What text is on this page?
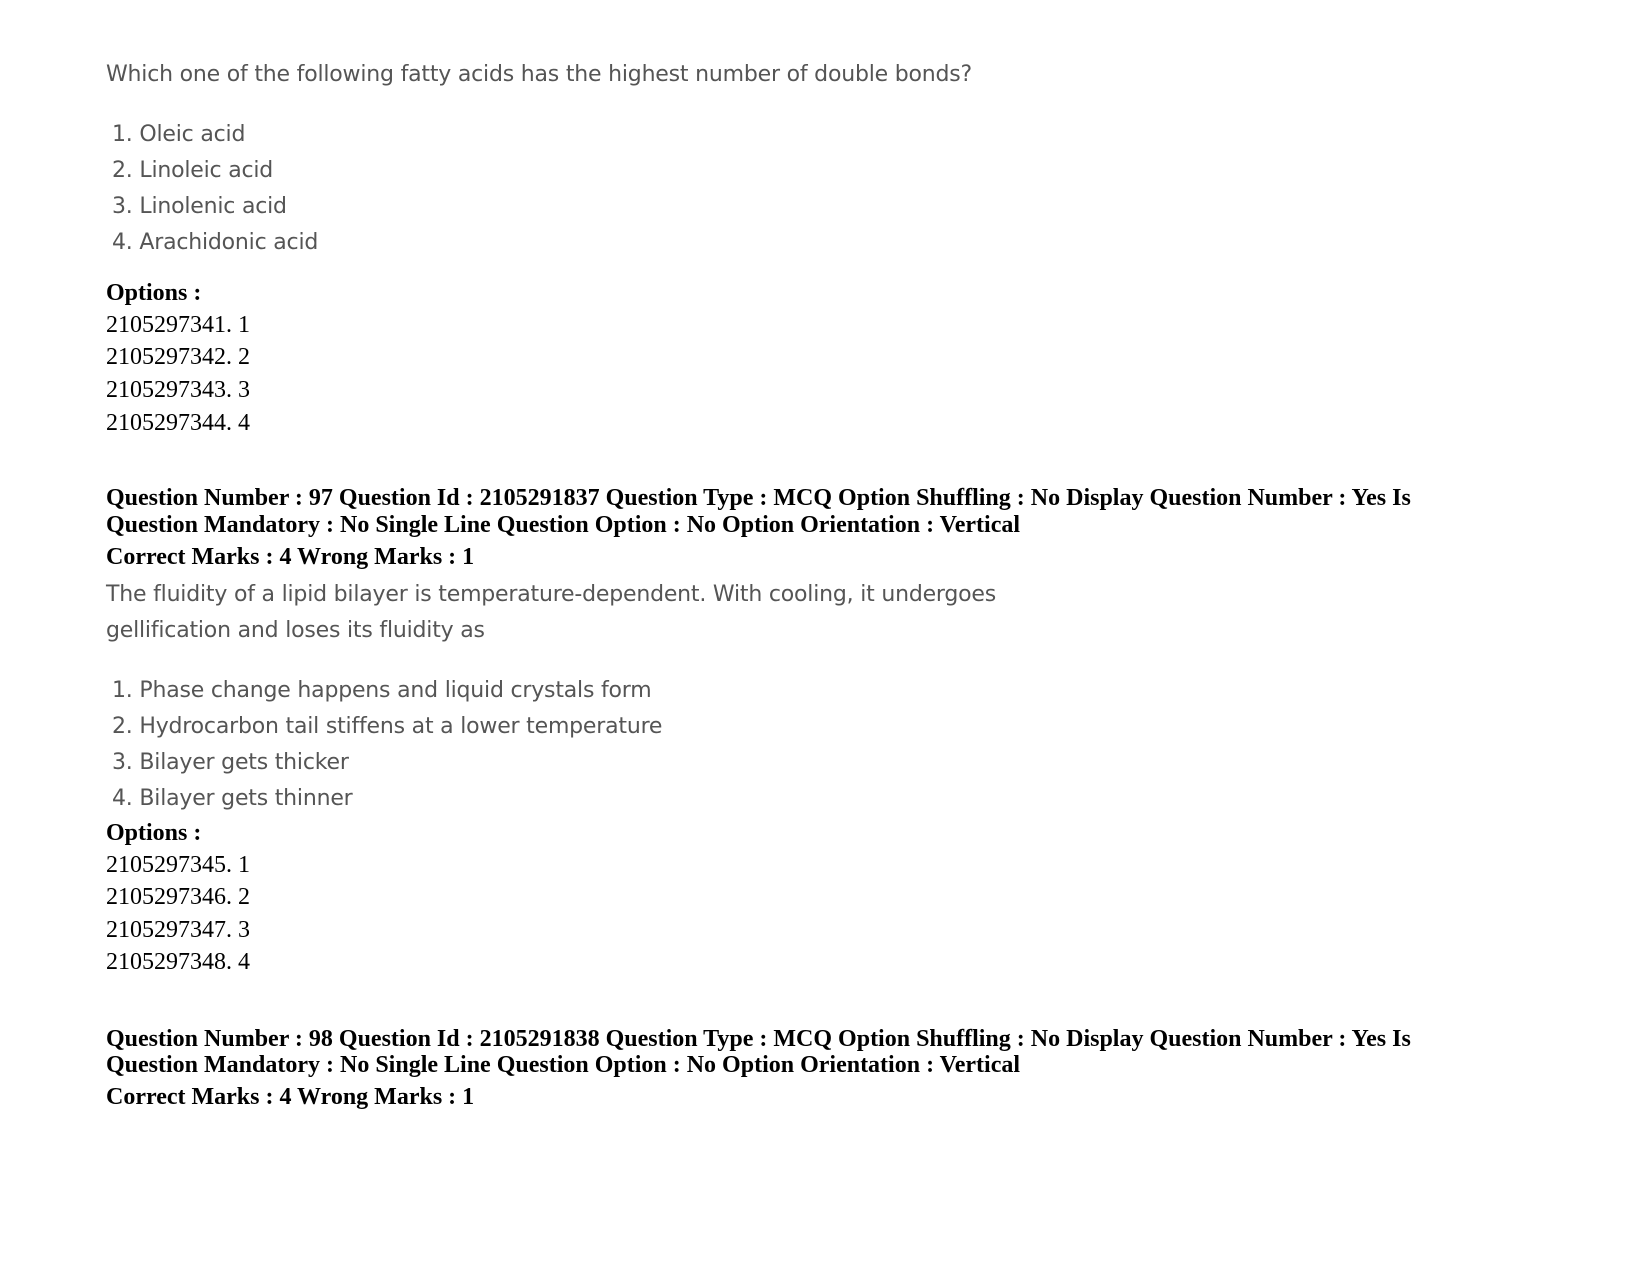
Which one of the following fatty acids has the highest number of double bonds?

1. Oleic acid

2. Linoleic acid

3. Linolenic acid

4. Arachidonic acid

Options :

2105297341. 1

2105297342. 2

2105297343. 3

2105297344. 4

Question Number : 97 Question Id : 2105291837 Question Type : MCQ Option Shuffling : No Display Question Number : Yes Is

Question Mandatory : No Single Line Question Option : No Option Orientation : Vertical

Correct Marks : 4 Wrong Marks : 1

The fluidity of a lipid bilayer is temperature-dependent. With cooling, it undergoes

gellification and loses its fluidity as

1. Phase change happens and liquid crystals form

2. Hydrocarbon tail stiffens at a lower temperature

3. Bilayer gets thicker

4. Bilayer gets thinner

Options :

2105297345. 1

2105297346. 2

2105297347. 3

2105297348. 4

Question Number : 98 Question Id : 2105291838 Question Type : MCQ Option Shuffling : No Display Question Number : Yes Is

Question Mandatory : No Single Line Question Option : No Option Orientation : Vertical

Correct Marks : 4 Wrong Marks : 1
